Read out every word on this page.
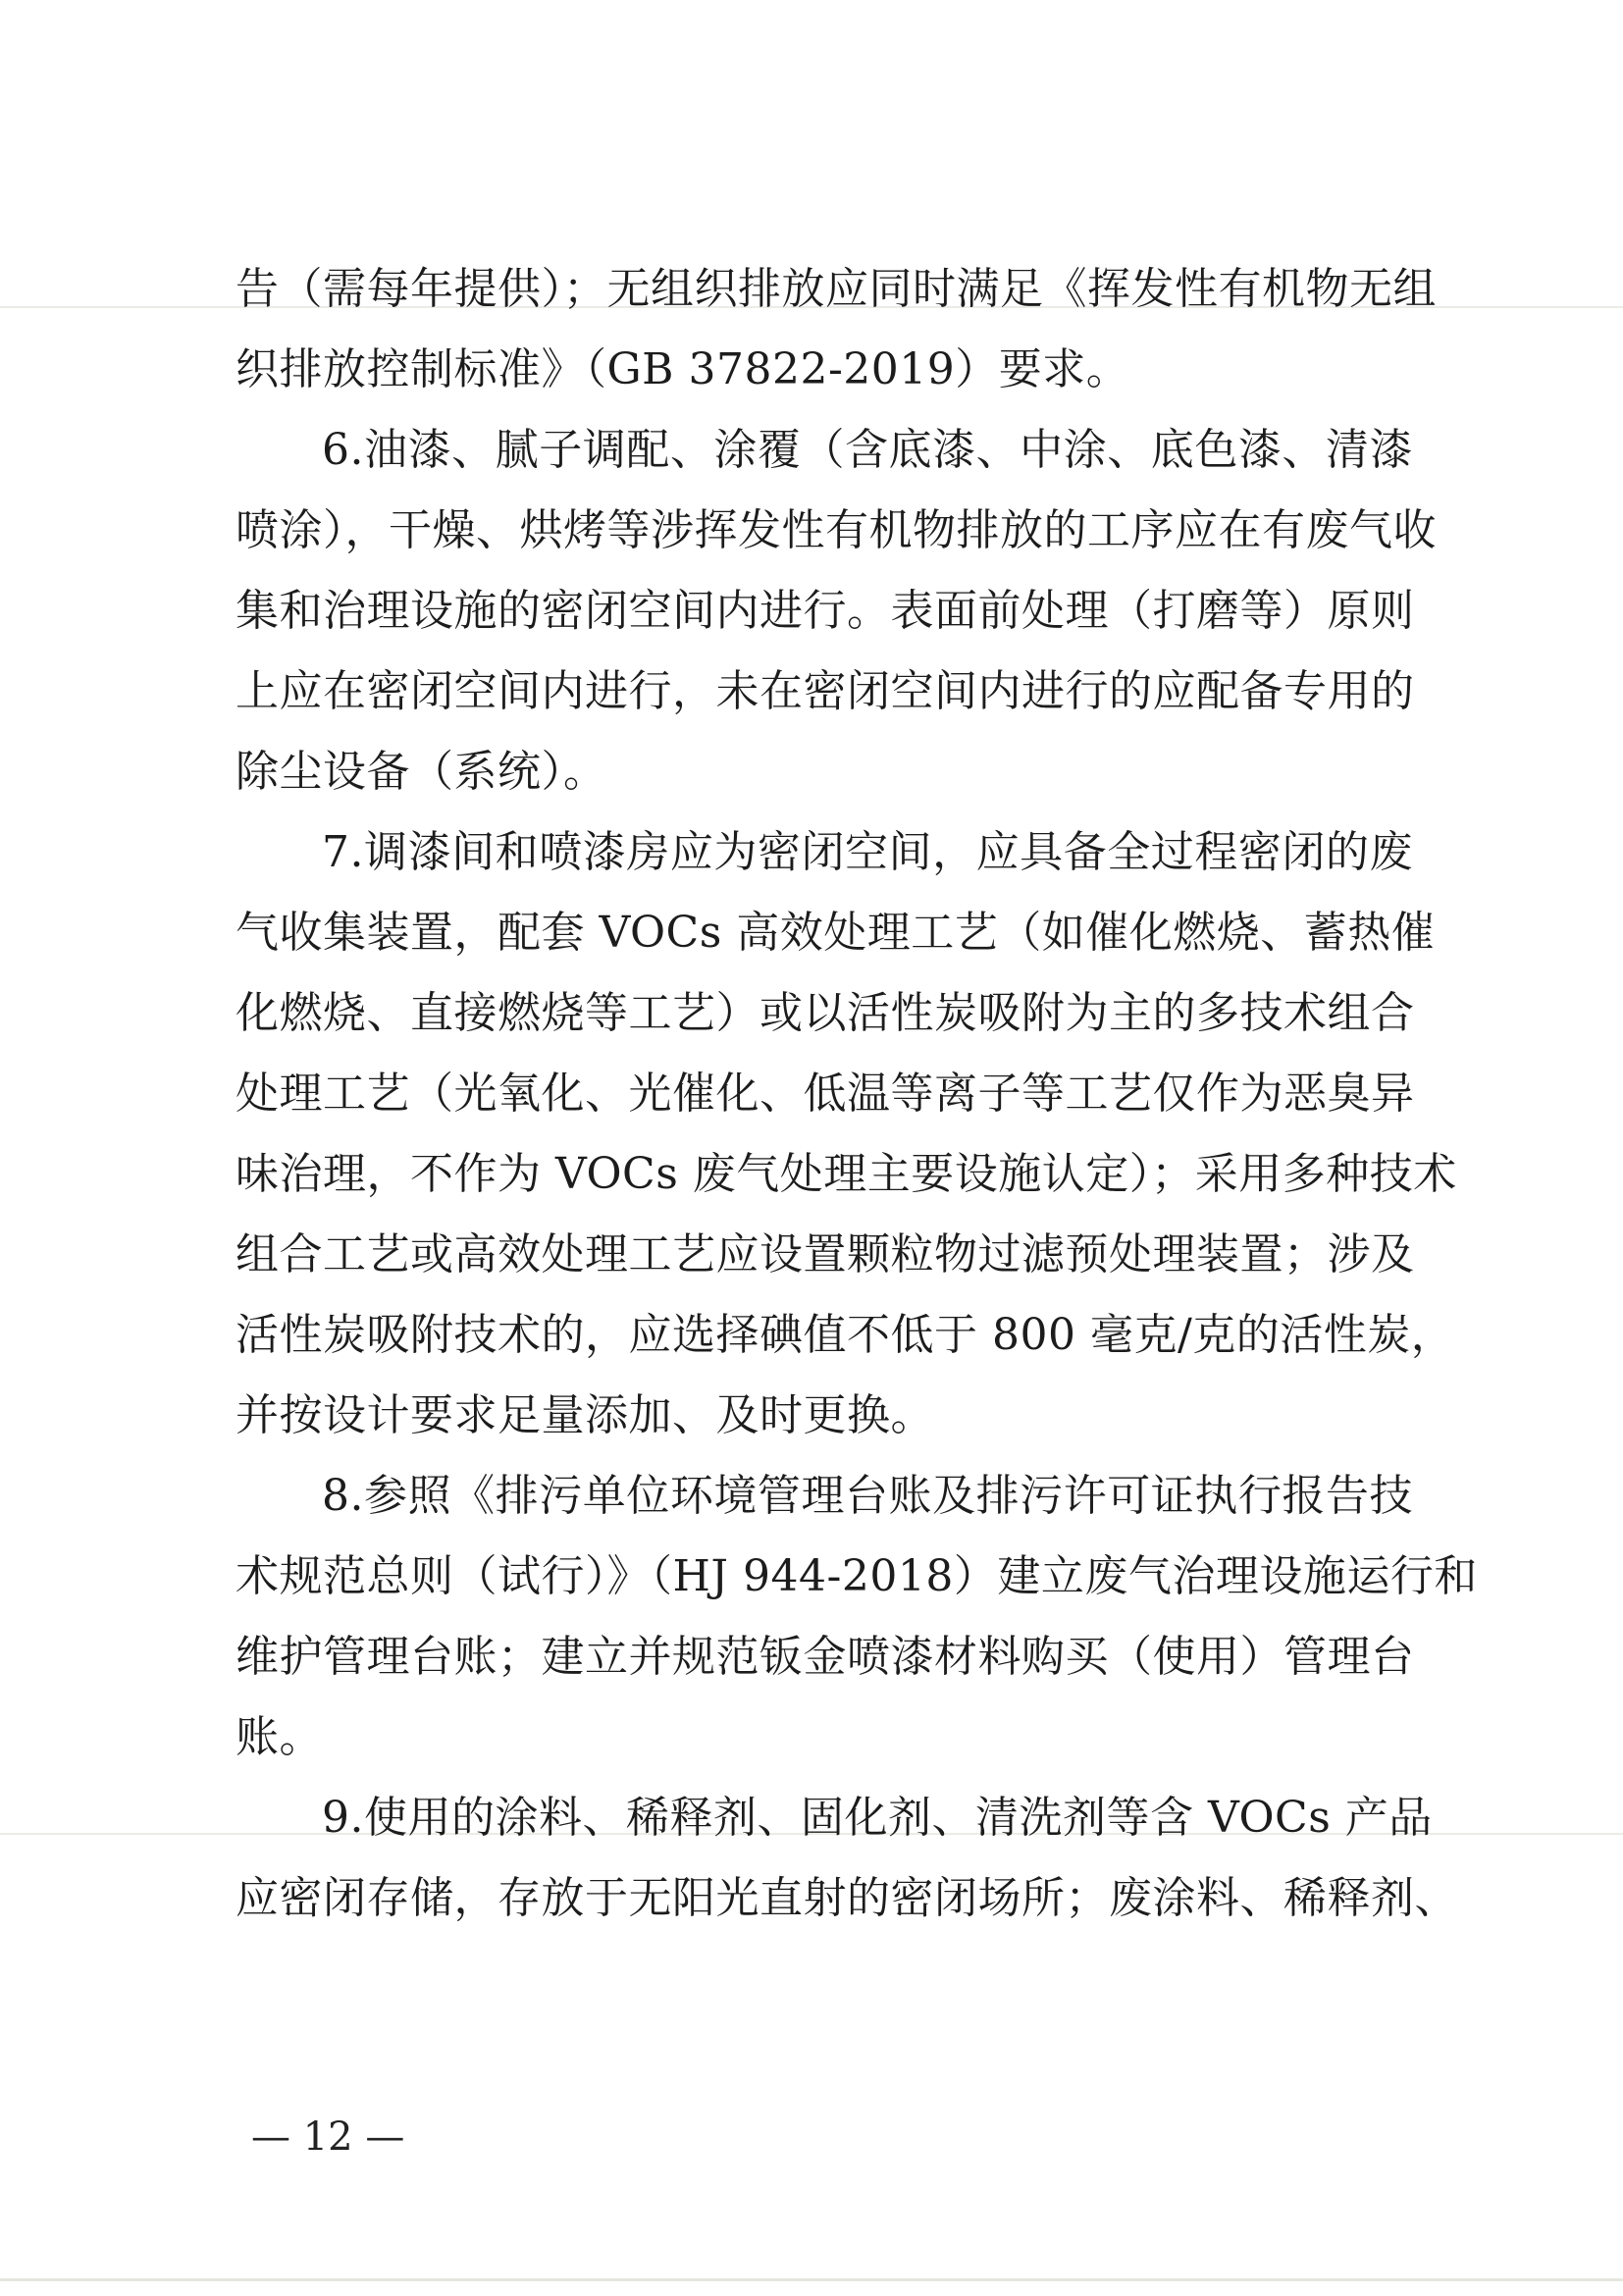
告（需每年提供）；无组织排放应同时满足《挥发性有机物无组
织排放控制标准》（GB 37822-2019）要求。
6.油漆、腻子调配、涂覆（含底漆、中涂、底色漆、清漆
喷涂），干燥、烘烤等涉挥发性有机物排放的工序应在有废气收
集和治理设施的密闭空间内进行。表面前处理（打磨等）原则
上应在密闭空间内进行，未在密闭空间内进行的应配备专用的
除尘设备（系统）。
7.调漆间和喷漆房应为密闭空间，应具备全过程密闭的废
气收集装置，配套 VOCs 高效处理工艺（如催化燃烧、蓄热催
化燃烧、直接燃烧等工艺）或以活性炭吸附为主的多技术组合
处理工艺（光氧化、光催化、低温等离子等工艺仅作为恶臭异
味治理，不作为 VOCs 废气处理主要设施认定）；采用多种技术
组合工艺或高效处理工艺应设置颗粒物过滤预处理装置；涉及
活性炭吸附技术的，应选择碘值不低于 800 毫克/克的活性炭，
并按设计要求足量添加、及时更换。
8.参照《排污单位环境管理台账及排污许可证执行报告技
术规范总则（试行）》（HJ 944-2018）建立废气治理设施运行和
维护管理台账；建立并规范钣金喷漆材料购买（使用）管理台
账。
9.使用的涂料、稀释剂、固化剂、清洗剂等含 VOCs 产品
应密闭存储，存放于无阳光直射的密闭场所；废涂料、稀释剂、
— 12 —
